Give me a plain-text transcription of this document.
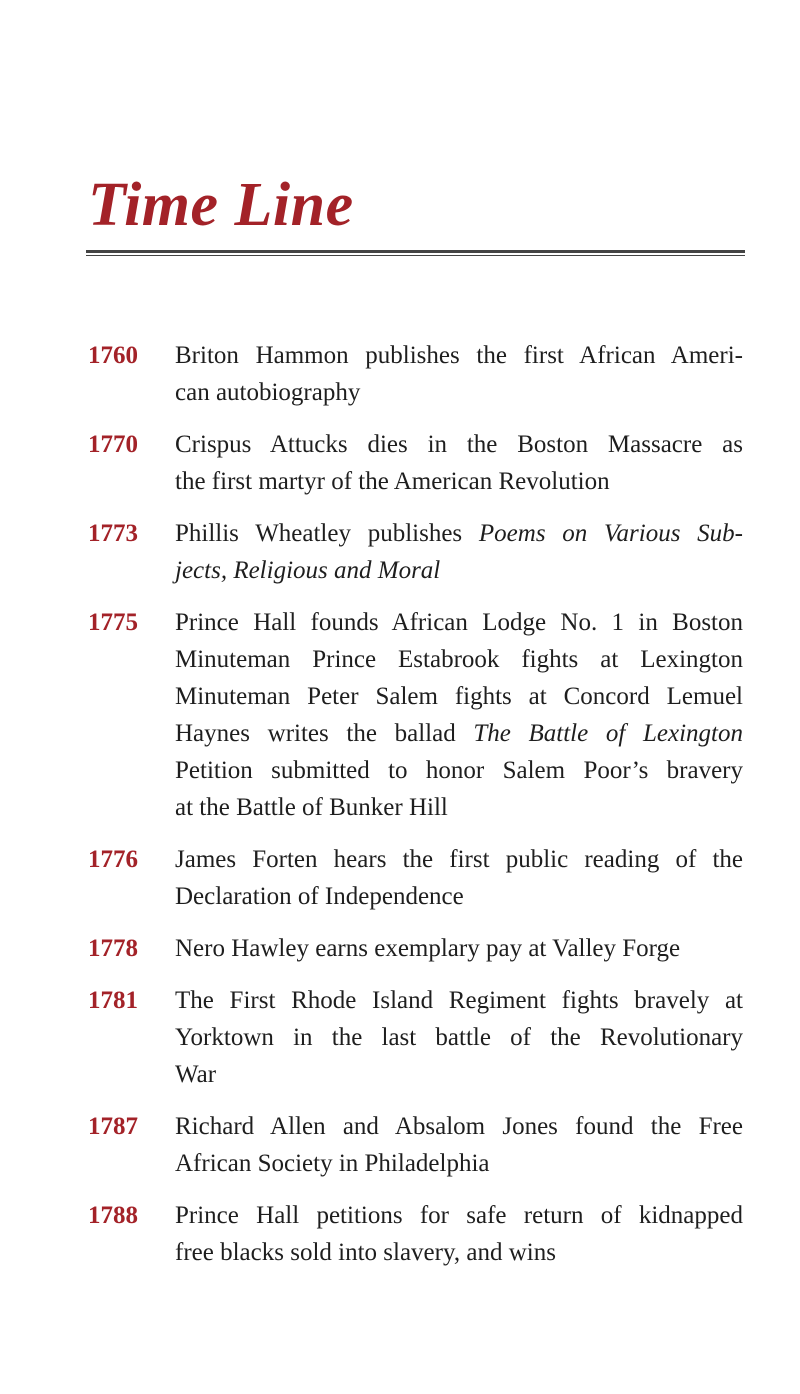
Time Line
1760	Briton Hammon publishes the first African Ameri-
can autobiography
1770	Crispus Attucks dies in the Boston Massacre as
the first martyr of the American Revolution
1773	Phillis Wheatley publishes Poems on Various Sub-
jects, Religious and Moral
1775	Prince Hall founds African Lodge No. 1 in Boston
Minuteman Prince Estabrook fights at Lexington
Minuteman Peter Salem fights at Concord Lemuel
Haynes writes the ballad The Battle of Lexington
Petition submitted to honor Salem Poor’s bravery
at the Battle of Bunker Hill
1776	James Forten hears the first public reading of the
Declaration of Independence
1778	Nero Hawley earns exemplary pay at Valley Forge
1781	The First Rhode Island Regiment fights bravely at
Yorktown in the last battle of the Revolutionary
War
1787	Richard Allen and Absalom Jones found the Free
African Society in Philadelphia
1788	Prince Hall petitions for safe return of kidnapped
free blacks sold into slavery, and wins
